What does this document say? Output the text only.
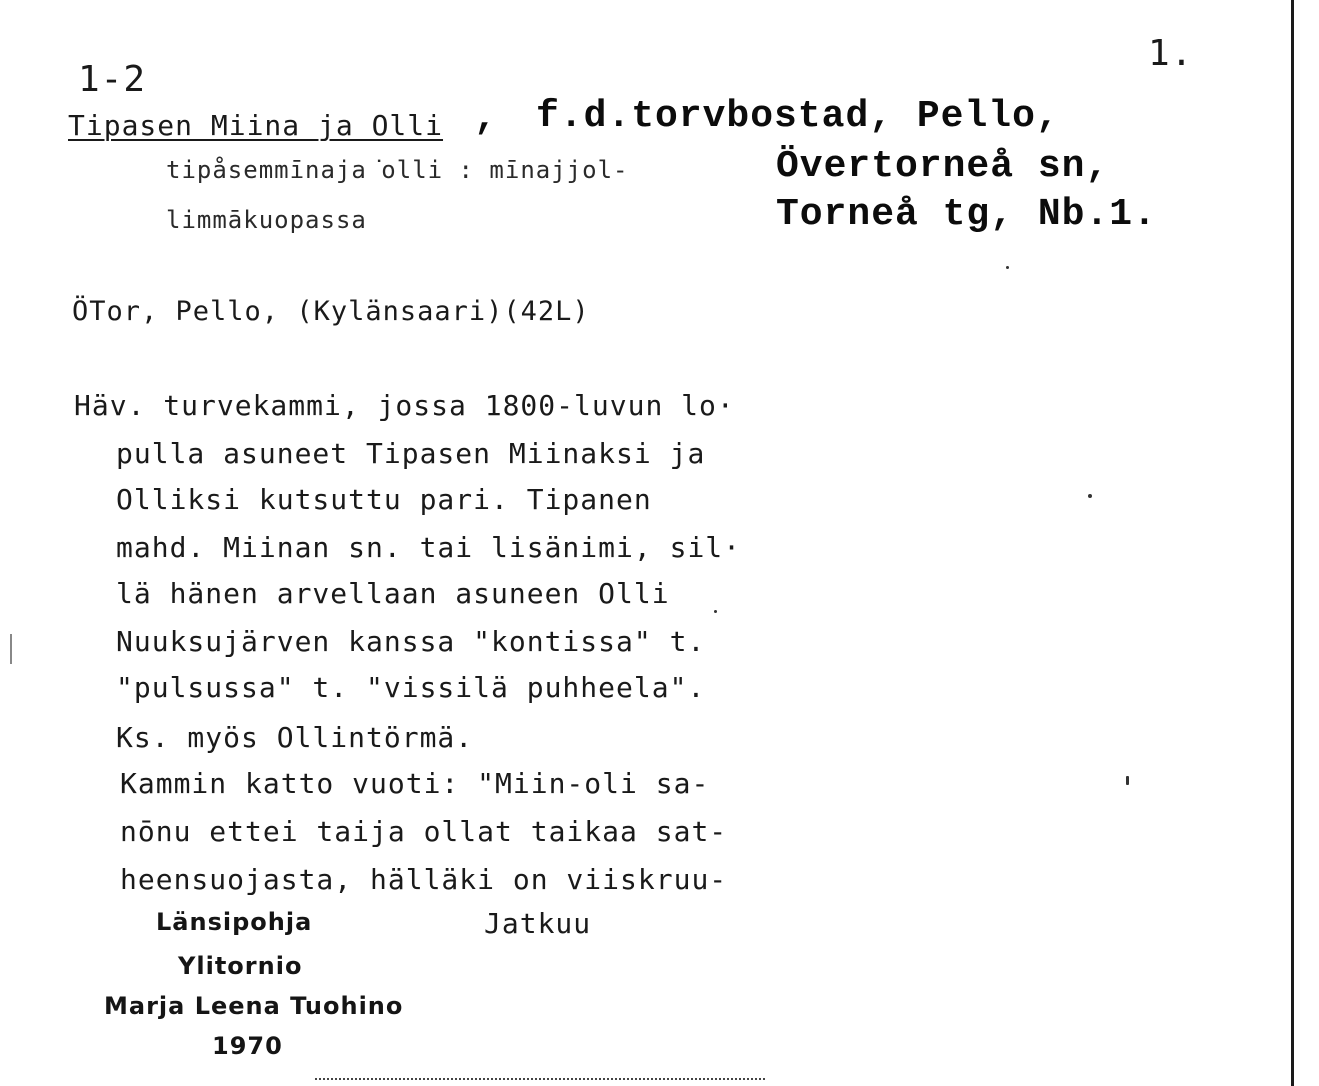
1-2
1.
Tipasen Miina ja Olli , f.d.torvbostad, Pello,
Övertorneå sn,
Torneå tg, Nb.1.
tipåsemmīnaja͘olli : mīnajjol-
limmākuopassa
ÖTor, Pello, (Kylänsaari)(42L)
Häv. turvekammi, jossa 1800-luvun lo·
pulla asuneet Tipasen Miinaksi ja
Olliksi kutsuttu pari. Tipanen
mahd. Miinan sn. tai lisänimi, sil·
lä hänen arvellaan asuneen Olli
Nuuksujärven kanssa "kontissa" t.
"pulsussa" t. "vissilä puhheela".
Ks. myös Ollintörmä.
Kammin katto vuoti: "Miin-oli sa-
nōnu ettei taija ollat taikaa sat-
heensuojasta, hälläki on viiskruu-
Jatkuu
Länsipohja
Ylitornio
Marja Leena Tuohino
1970
